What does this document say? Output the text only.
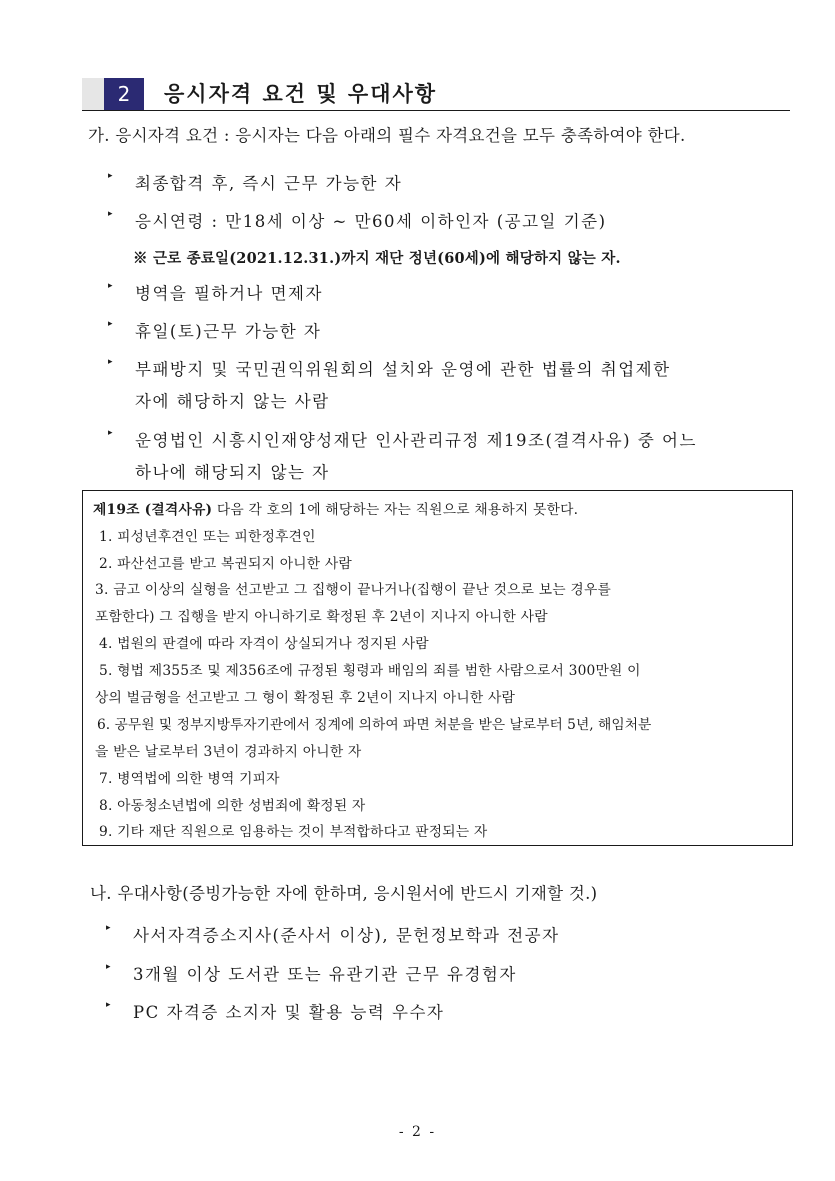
2	응시자격 요건 및 우대사항
가. 응시자격 요건 : 응시자는 다음 아래의 필수 자격요건을 모두 충족하여야 한다.
▸ 최종합격 후, 즉시 근무 가능한 자
▸ 응시연령 : 만18세 이상 ~ 만60세 이하인자 (공고일 기준)
※ 근로 종료일(2021.12.31.)까지 재단 정년(60세)에 해당하지 않는 자.
▸ 병역을 필하거나 면제자
▸ 휴일(토)근무 가능한 자
▸ 부패방지 및 국민권익위원회의 설치와 운영에 관한 법률의 취업제한
자에 해당하지 않는 사람
▸ 운영법인 시흥시인재양성재단 인사관리규정 제19조(결격사유) 중 어느
하나에 해당되지 않는 자
제19조 (결격사유) 다음 각 호의 1에 해당하는 자는 직원으로 채용하지 못한다.
1. 피성년후견인 또는 피한정후견인
2. 파산선고를 받고 복권되지 아니한 사람
3. 금고 이상의 실형을 선고받고 그 집행이 끝나거나(집행이 끝난 것으로 보는 경우를
포함한다) 그 집행을 받지 아니하기로 확정된 후 2년이 지나지 아니한 사람
4. 법원의 판결에 따라 자격이 상실되거나 정지된 사람
5. 형법 제355조 및 제356조에 규정된 횡령과 배임의 죄를 범한 사람으로서 300만원 이
상의 벌금형을 선고받고 그 형이 확정된 후 2년이 지나지 아니한 사람
6. 공무원 및 정부지방투자기관에서 징계에 의하여 파면 처분을 받은 날로부터 5년, 해임처분
을 받은 날로부터 3년이 경과하지 아니한 자
7. 병역법에 의한 병역 기피자
8. 아동청소년법에 의한 성범죄에 확정된 자
9. 기타 재단 직원으로 임용하는 것이 부적합하다고 판정되는 자
나. 우대사항(증빙가능한 자에 한하며, 응시원서에 반드시 기재할 것.)
▸ 사서자격증소지사(준사서 이상), 문헌정보학과 전공자
▸ 3개월 이상 도서관 또는 유관기관 근무 유경험자
▸ PC 자격증 소지자 및 활용 능력 우수자
- 2 -
